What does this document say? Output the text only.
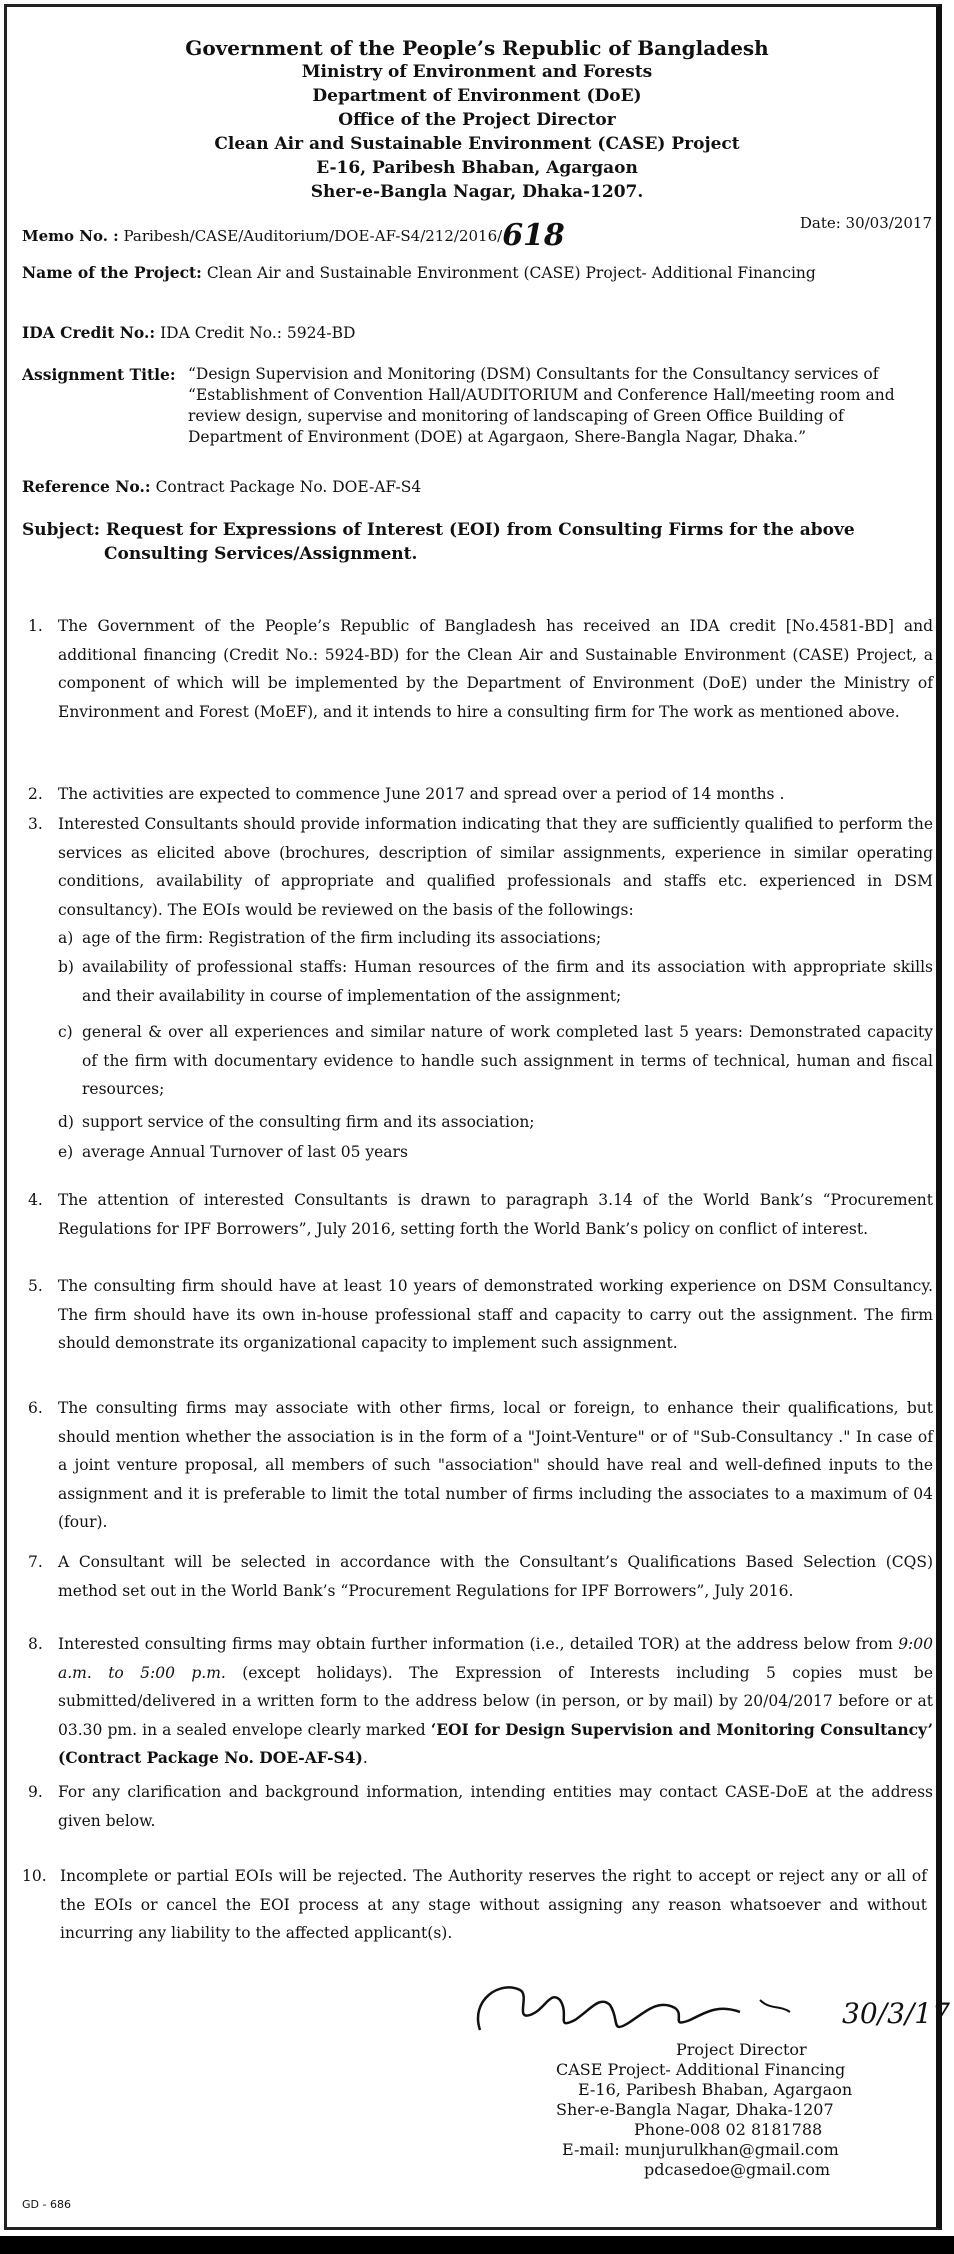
Government of the People’s Republic of Bangladesh
Ministry of Environment and Forests
Department of Environment (DoE)
Office of the Project Director
Clean Air and Sustainable Environment (CASE) Project
E-16, Paribesh Bhaban, Agargaon
Sher-e-Bangla Nagar, Dhaka-1207.
Memo No. : Paribesh/CASE/Auditorium/DOE-AF-S4/212/2016/618	Date: 30/03/2017
Name of the Project: Clean Air and Sustainable Environment (CASE) Project- Additional Financing
IDA Credit No.: IDA Credit No.: 5924-BD
Assignment Title: “Design Supervision and Monitoring (DSM) Consultants for the Consultancy services of “Establishment of Convention Hall/AUDITORIUM and Conference Hall/meeting room and review design, supervise and monitoring of landscaping of Green Office Building of Department of Environment (DOE) at Agargaon, Shere-Bangla Nagar, Dhaka.”
Reference No.: Contract Package No. DOE-AF-S4
Subject: Request for Expressions of Interest (EOI) from Consulting Firms for the above
Consulting Services/Assignment.
1. The Government of the People’s Republic of Bangladesh has received an IDA credit [No.4581-BD] and additional financing (Credit No.: 5924-BD) for the Clean Air and Sustainable Environment (CASE) Project, a component of which will be implemented by the Department of Environment (DoE) under the Ministry of Environment and Forest (MoEF), and it intends to hire a consulting firm for The work as mentioned above.
2. The activities are expected to commence June 2017 and spread over a period of 14 months .
3. Interested Consultants should provide information indicating that they are sufficiently qualified to perform the services as elicited above (brochures, description of similar assignments, experience in similar operating conditions, availability of appropriate and qualified professionals and staffs etc. experienced in DSM consultancy). The EOIs would be reviewed on the basis of the followings:
a) age of the firm: Registration of the firm including its associations;
b) availability of professional staffs: Human resources of the firm and its association with appropriate skills and their availability in course of implementation of the assignment;
c) general & over all experiences and similar nature of work completed last 5 years: Demonstrated capacity of the firm with documentary evidence to handle such assignment in terms of technical, human and fiscal resources;
d) support service of the consulting firm and its association;
e) average Annual Turnover of last 05 years
4. The attention of interested Consultants is drawn to paragraph 3.14 of the World Bank’s “Procurement Regulations for IPF Borrowers”, July 2016, setting forth the World Bank’s policy on conflict of interest.
5. The consulting firm should have at least 10 years of demonstrated working experience on DSM Consultancy. The firm should have its own in-house professional staff and capacity to carry out the assignment. The firm should demonstrate its organizational capacity to implement such assignment.
6. The consulting firms may associate with other firms, local or foreign, to enhance their qualifications, but should mention whether the association is in the form of a "Joint-Venture" or of "Sub-Consultancy ." In case of a joint venture proposal, all members of such "association" should have real and well-defined inputs to the assignment and it is preferable to limit the total number of firms including the associates to a maximum of 04 (four).
7. A Consultant will be selected in accordance with the Consultant’s Qualifications Based Selection (CQS) method set out in the World Bank’s “Procurement Regulations for IPF Borrowers”, July 2016.
8. Interested consulting firms may obtain further information (i.e., detailed TOR) at the address below from 9:00 a.m. to 5:00 p.m. (except holidays). The Expression of Interests including 5 copies must be submitted/delivered in a written form to the address below (in person, or by mail) by 20/04/2017 before or at 03.30 pm. in a sealed envelope clearly marked ‘EOI for Design Supervision and Monitoring Consultancy’ (Contract Package No. DOE-AF-S4).
9. For any clarification and background information, intending entities may contact CASE-DoE at the address given below.
10. Incomplete or partial EOIs will be rejected. The Authority reserves the right to accept or reject any or all of the EOIs or cancel the EOI process at any stage without assigning any reason whatsoever and without incurring any liability to the affected applicant(s).
30/3/17
Project Director
CASE Project- Additional Financing
E-16, Paribesh Bhaban, Agargaon
Sher-e-Bangla Nagar, Dhaka-1207
Phone-008 02 8181788
E-mail: munjurulkhan@gmail.com
pdcasedoe@gmail.com
GD - 686
